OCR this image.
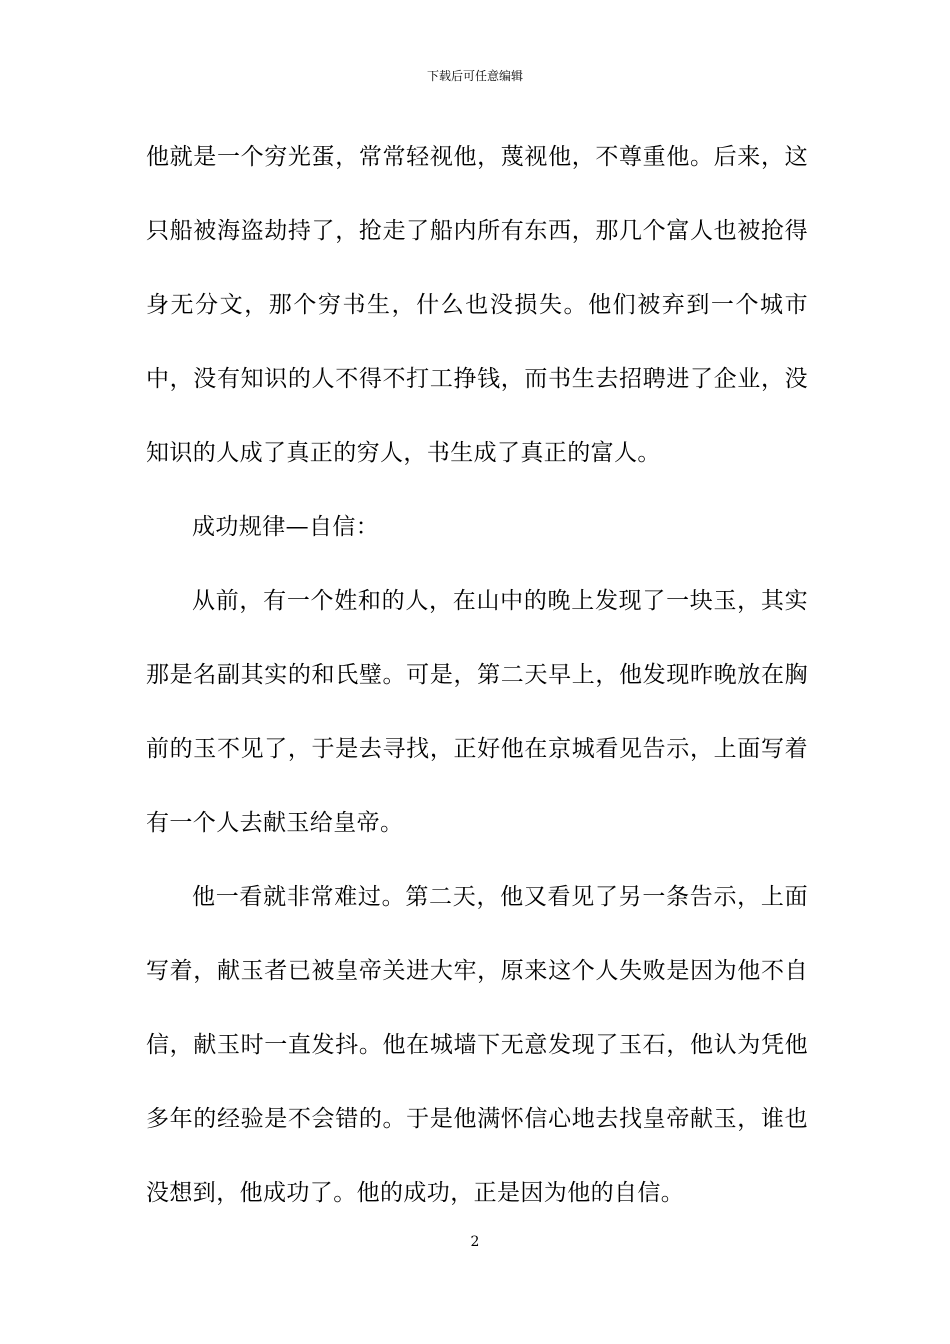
下载后可任意编辑

他就是一个穷光蛋，常常轻视他，蔑视他，不尊重他。后来，这只船被海盗劫持了，抢走了船内所有东西，那几个富人也被抢得身无分文，那个穷书生，什么也没损失。他们被弃到一个城市中，没有知识的人不得不打工挣钱，而书生去招聘进了企业，没知识的人成了真正的穷人，书生成了真正的富人。

成功规律—自信：

从前，有一个姓和的人，在山中的晚上发现了一块玉，其实那是名副其实的和氏璧。可是，第二天早上，他发现昨晚放在胸前的玉不见了，于是去寻找，正好他在京城看见告示，上面写着有一个人去献玉给皇帝。

他一看就非常难过。第二天，他又看见了另一条告示，上面写着，献玉者已被皇帝关进大牢，原来这个人失败是因为他不自信，献玉时一直发抖。他在城墙下无意发现了玉石，他认为凭他多年的经验是不会错的。于是他满怀信心地去找皇帝献玉，谁也没想到，他成功了。他的成功，正是因为他的自信。

2
